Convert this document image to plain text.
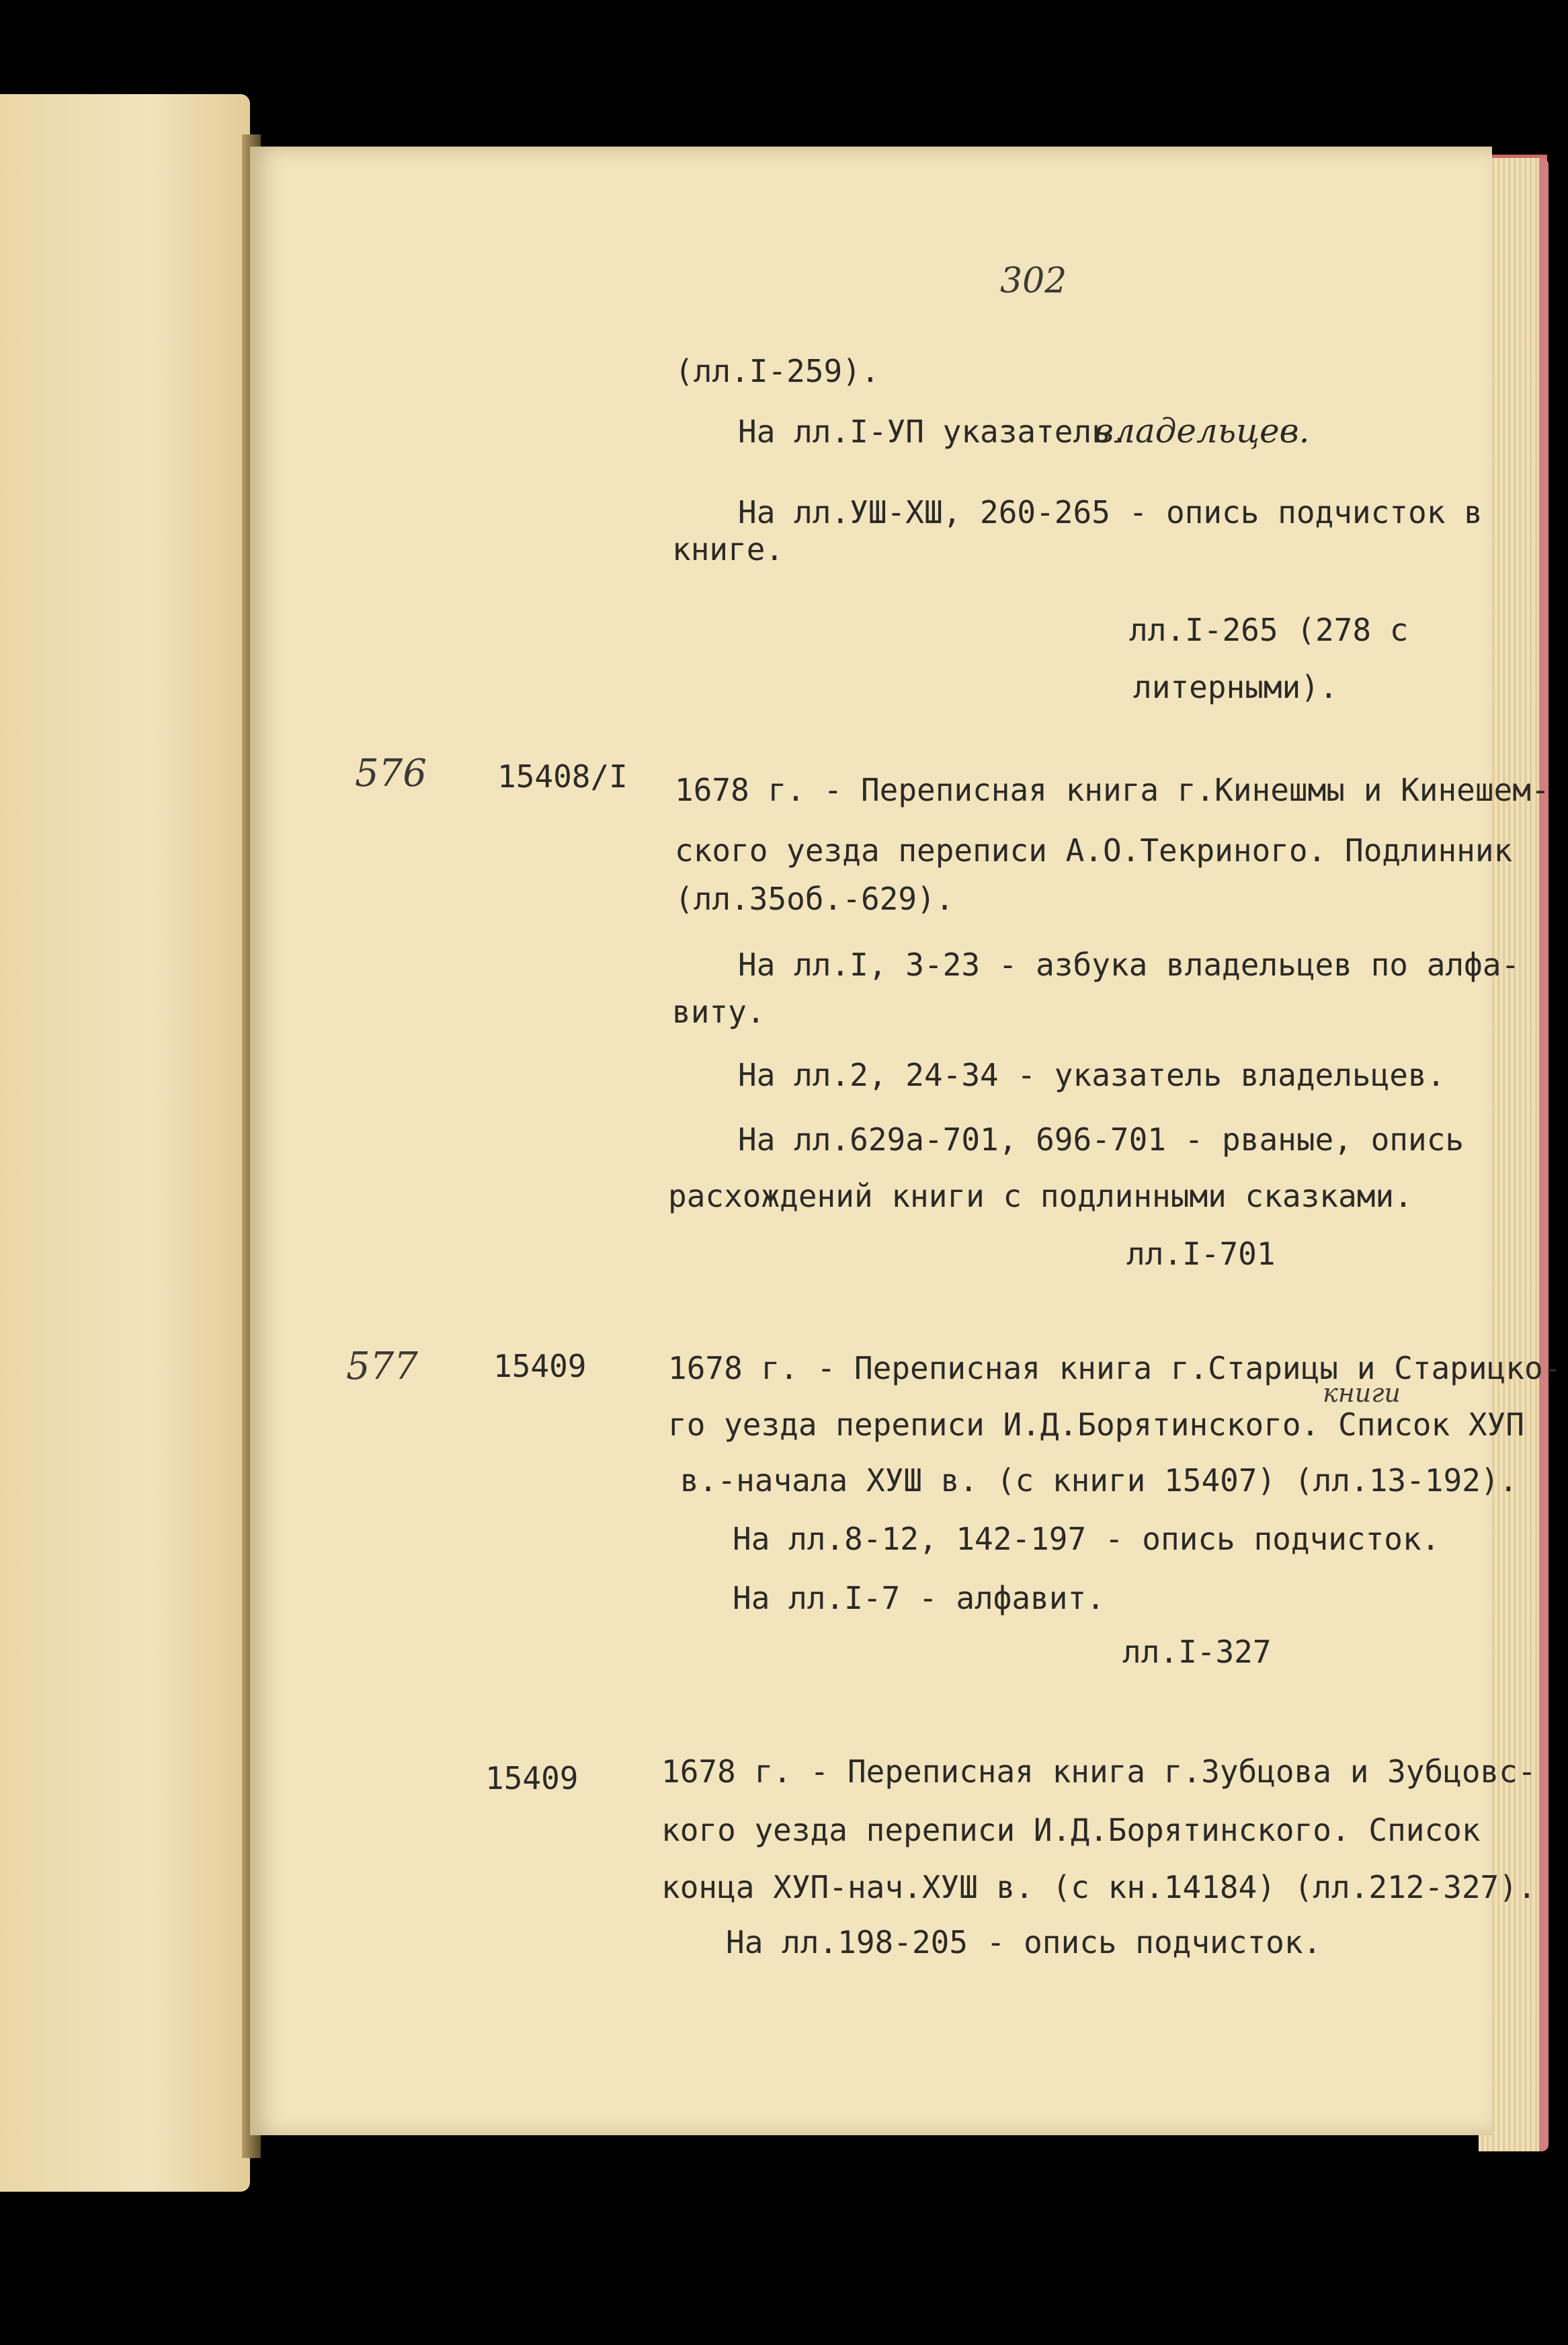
302
(лл.I-259).
На лл.I-УП указатель.
владельцев.
На лл.УШ-ХШ, 260-265 - опись подчисток в
книге.
лл.I-265 (278 с
литерными).
576 15408/I 1678 г. - Переписная книга г.Кинешмы и Кинешем-
ского уезда переписи А.О.Текриного. Подлинник
(лл.35об.-629).
На лл.I, 3-23 - азбука владельцев по алфа-
виту.
На лл.2, 24-34 - указатель владельцев.
На лл.629а-701, 696-701 - рваные, опись
расхождений книги с подлинными сказками.
лл.I-701
577 15409	1678 г. - Переписная книга г.Старицы и Старицко-
книги
го уезда переписи И.Д.Борятинского. Список ХУП
в.-начала ХУШ в. (с книги 15407) (лл.13-192).
На лл.8-12, 142-197 - опись подчисток.
На лл.I-7 - алфавит.
лл.I-327
15409	1678 г. - Переписная книга г.Зубцова и Зубцовс-
кого уезда переписи И.Д.Борятинского. Список
конца ХУП-нач.ХУШ в. (с кн.14184) (лл.212-327).
На лл.198-205 - опись подчисток.
